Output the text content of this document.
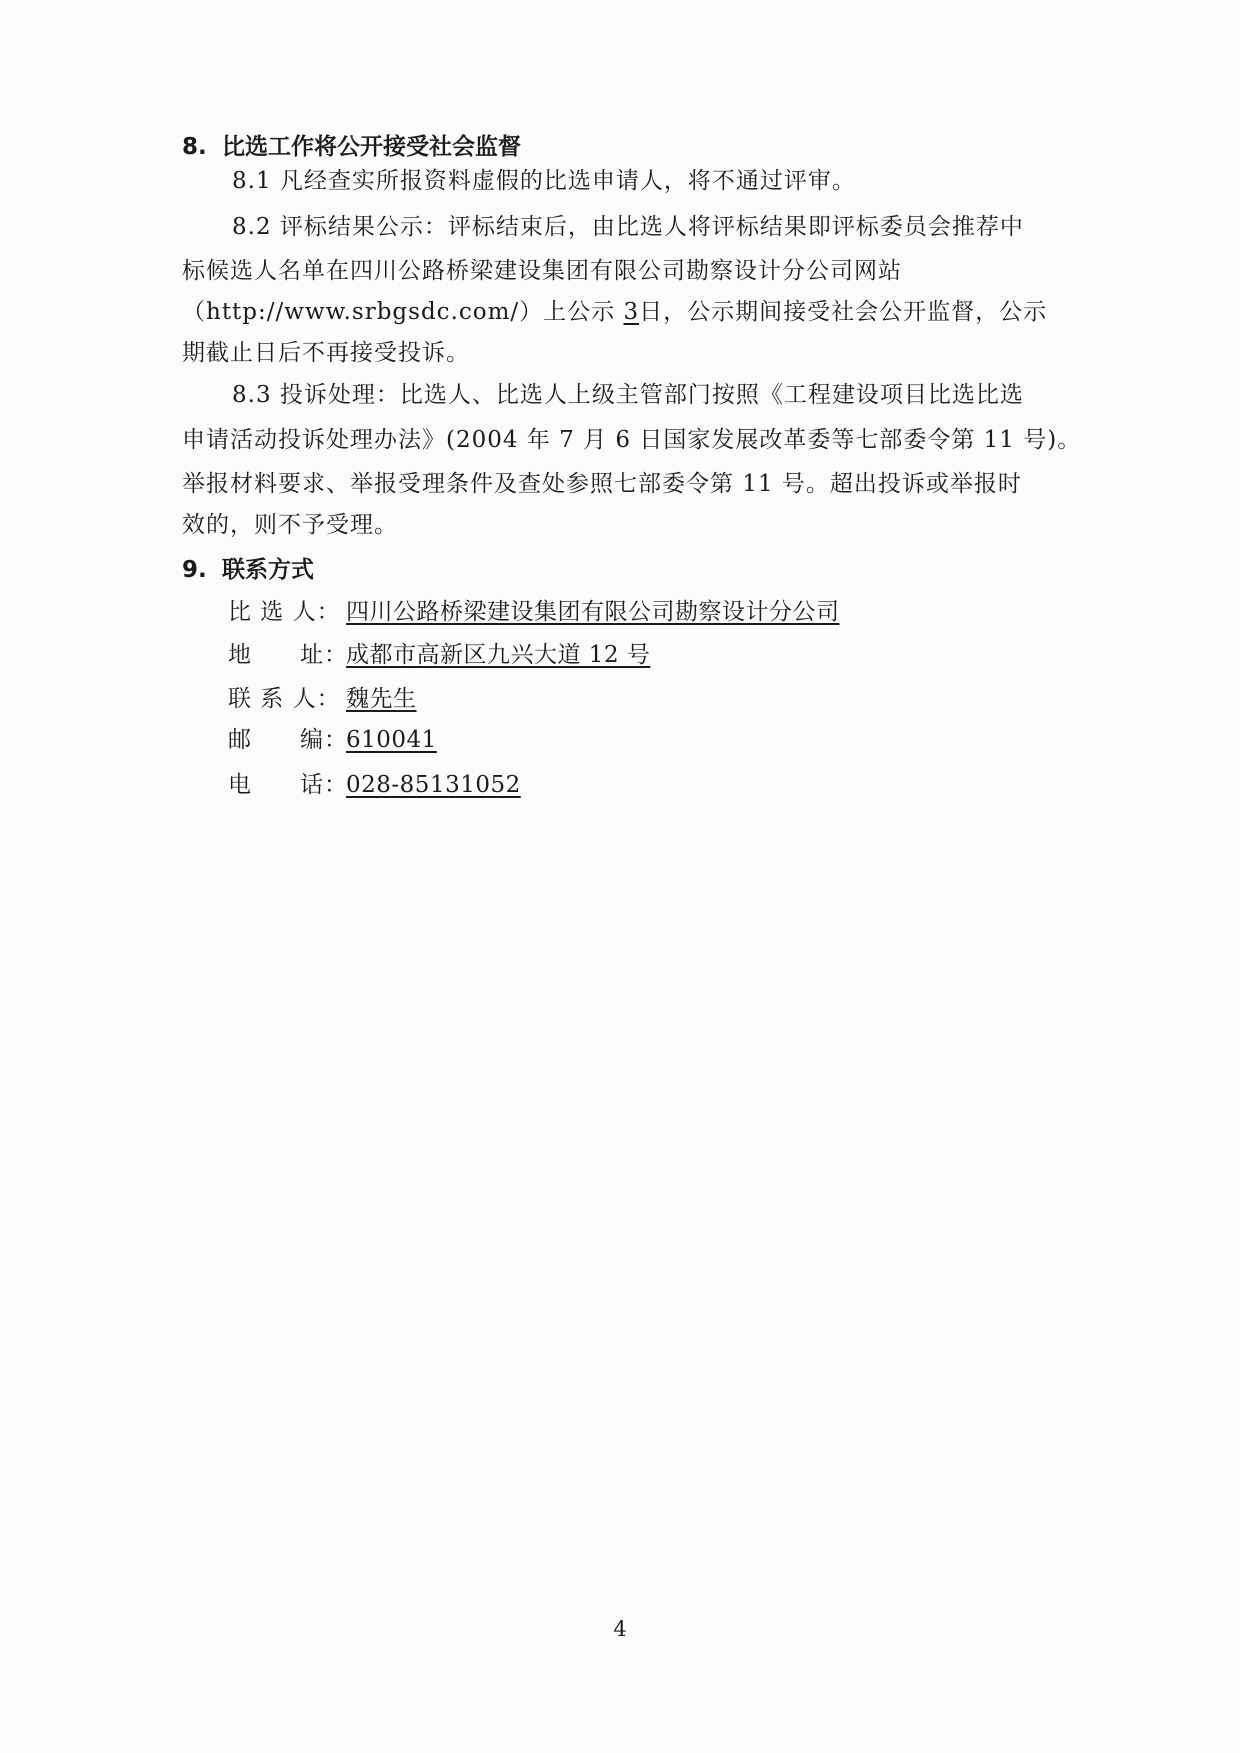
8. 比选工作将公开接受社会监督
8.1 凡经查实所报资料虚假的比选申请人，将不通过评审。
8.2 评标结果公示：评标结束后，由比选人将评标结果即评标委员会推荐中
标候选人名单在四川公路桥梁建设集团有限公司勘察设计分公司网站
（http://www.srbgsdc.com/）上公示 3日，公示期间接受社会公开监督，公示
期截止日后不再接受投诉。
8.3 投诉处理：比选人、比选人上级主管部门按照《工程建设项目比选比选
申请活动投诉处理办法》(2004 年 7 月 6 日国家发展改革委等七部委令第 11 号)。
举报材料要求、举报受理条件及查处参照七部委令第 11 号。超出投诉或举报时
效的，则不予受理。
9. 联系方式
比 选 人： 四川公路桥梁建设集团有限公司勘察设计分公司
地　　址：成都市高新区九兴大道 12 号
联 系 人： 魏先生
邮　　编：610041
电　　话：028-85131052
4
